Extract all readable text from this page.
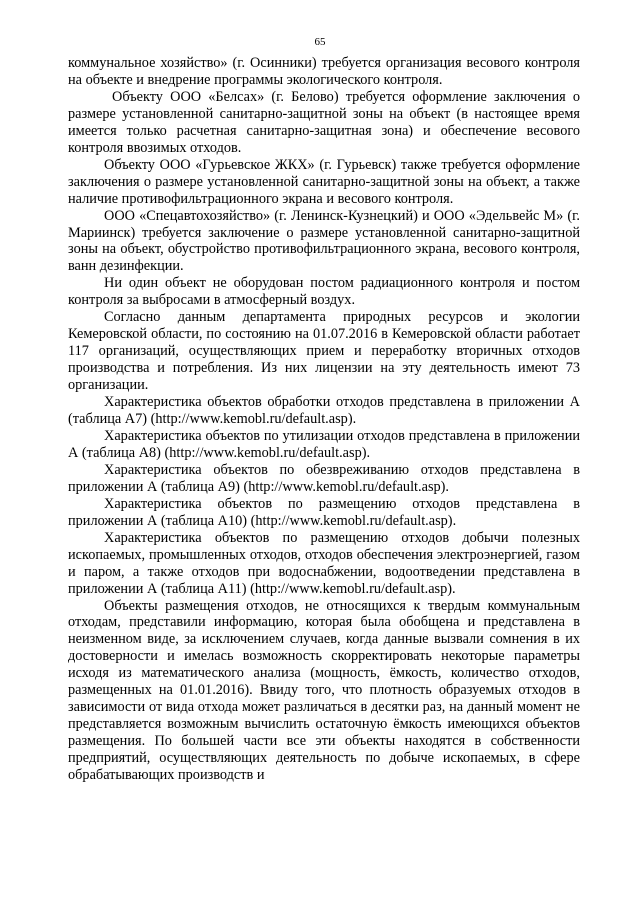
65

коммунальное хозяйство» (г. Осинники) требуется организация весового контроля на объекте и внедрение программы экологического контроля.

Объекту ООО «Белсах» (г. Белово) требуется оформление заключения о размере установленной санитарно-защитной зоны на объект (в настоящее время имеется только расчетная санитарно-защитная зона) и обеспечение весового контроля ввозимых отходов.

Объекту ООО «Гурьевское ЖКХ» (г. Гурьевск) также требуется оформление заключения о размере установленной санитарно-защитной зоны на объект, а также наличие противофильтрационного экрана и весового контроля.

ООО «Спецавтохозяйство» (г. Ленинск-Кузнецкий) и ООО «Эдельвейс М» (г. Мариинск) требуется заключение о размере установленной санитарно-защитной зоны на объект, обустройство противофильтрационного экрана, весового контроля, ванн дезинфекции.

Ни один объект не оборудован постом радиационного контроля и постом контроля за выбросами в атмосферный воздух.

Согласно данным департамента природных ресурсов и экологии Кемеровской области, по состоянию на 01.07.2016 в Кемеровской области работает 117 организаций, осуществляющих прием и переработку вторичных отходов производства и потребления. Из них лицензии на эту деятельность имеют 73 организации.

Характеристика объектов обработки отходов представлена в приложении А (таблица А7) (http://www.kemobl.ru/default.asp).

Характеристика объектов по утилизации отходов представлена в приложении А (таблица А8) (http://www.kemobl.ru/default.asp).

Характеристика объектов по обезвреживанию отходов представлена в приложении А (таблица А9) (http://www.kemobl.ru/default.asp).

Характеристика объектов по размещению отходов представлена в приложении А (таблица А10) (http://www.kemobl.ru/default.asp).

Характеристика объектов по размещению отходов добычи полезных ископаемых, промышленных отходов, отходов обеспечения электроэнергией, газом и паром, а также отходов при водоснабжении, водоотведении представлена в приложении А (таблица А11) (http://www.kemobl.ru/default.asp).

Объекты размещения отходов, не относящихся к твердым коммунальным отходам, представили информацию, которая была обобщена и представлена в неизменном виде, за исключением случаев, когда данные вызвали сомнения в их достоверности и имелась возможность скорректировать некоторые параметры исходя из математического анализа (мощность, ёмкость, количество отходов, размещенных на 01.01.2016). Ввиду того, что плотность образуемых отходов в зависимости от вида отхода может различаться в десятки раз, на данный момент не представляется возможным вычислить остаточную ёмкость имеющихся объектов размещения. По большей части все эти объекты находятся в собственности предприятий, осуществляющих деятельность по добыче ископаемых, в сфере обрабатывающих производств и
